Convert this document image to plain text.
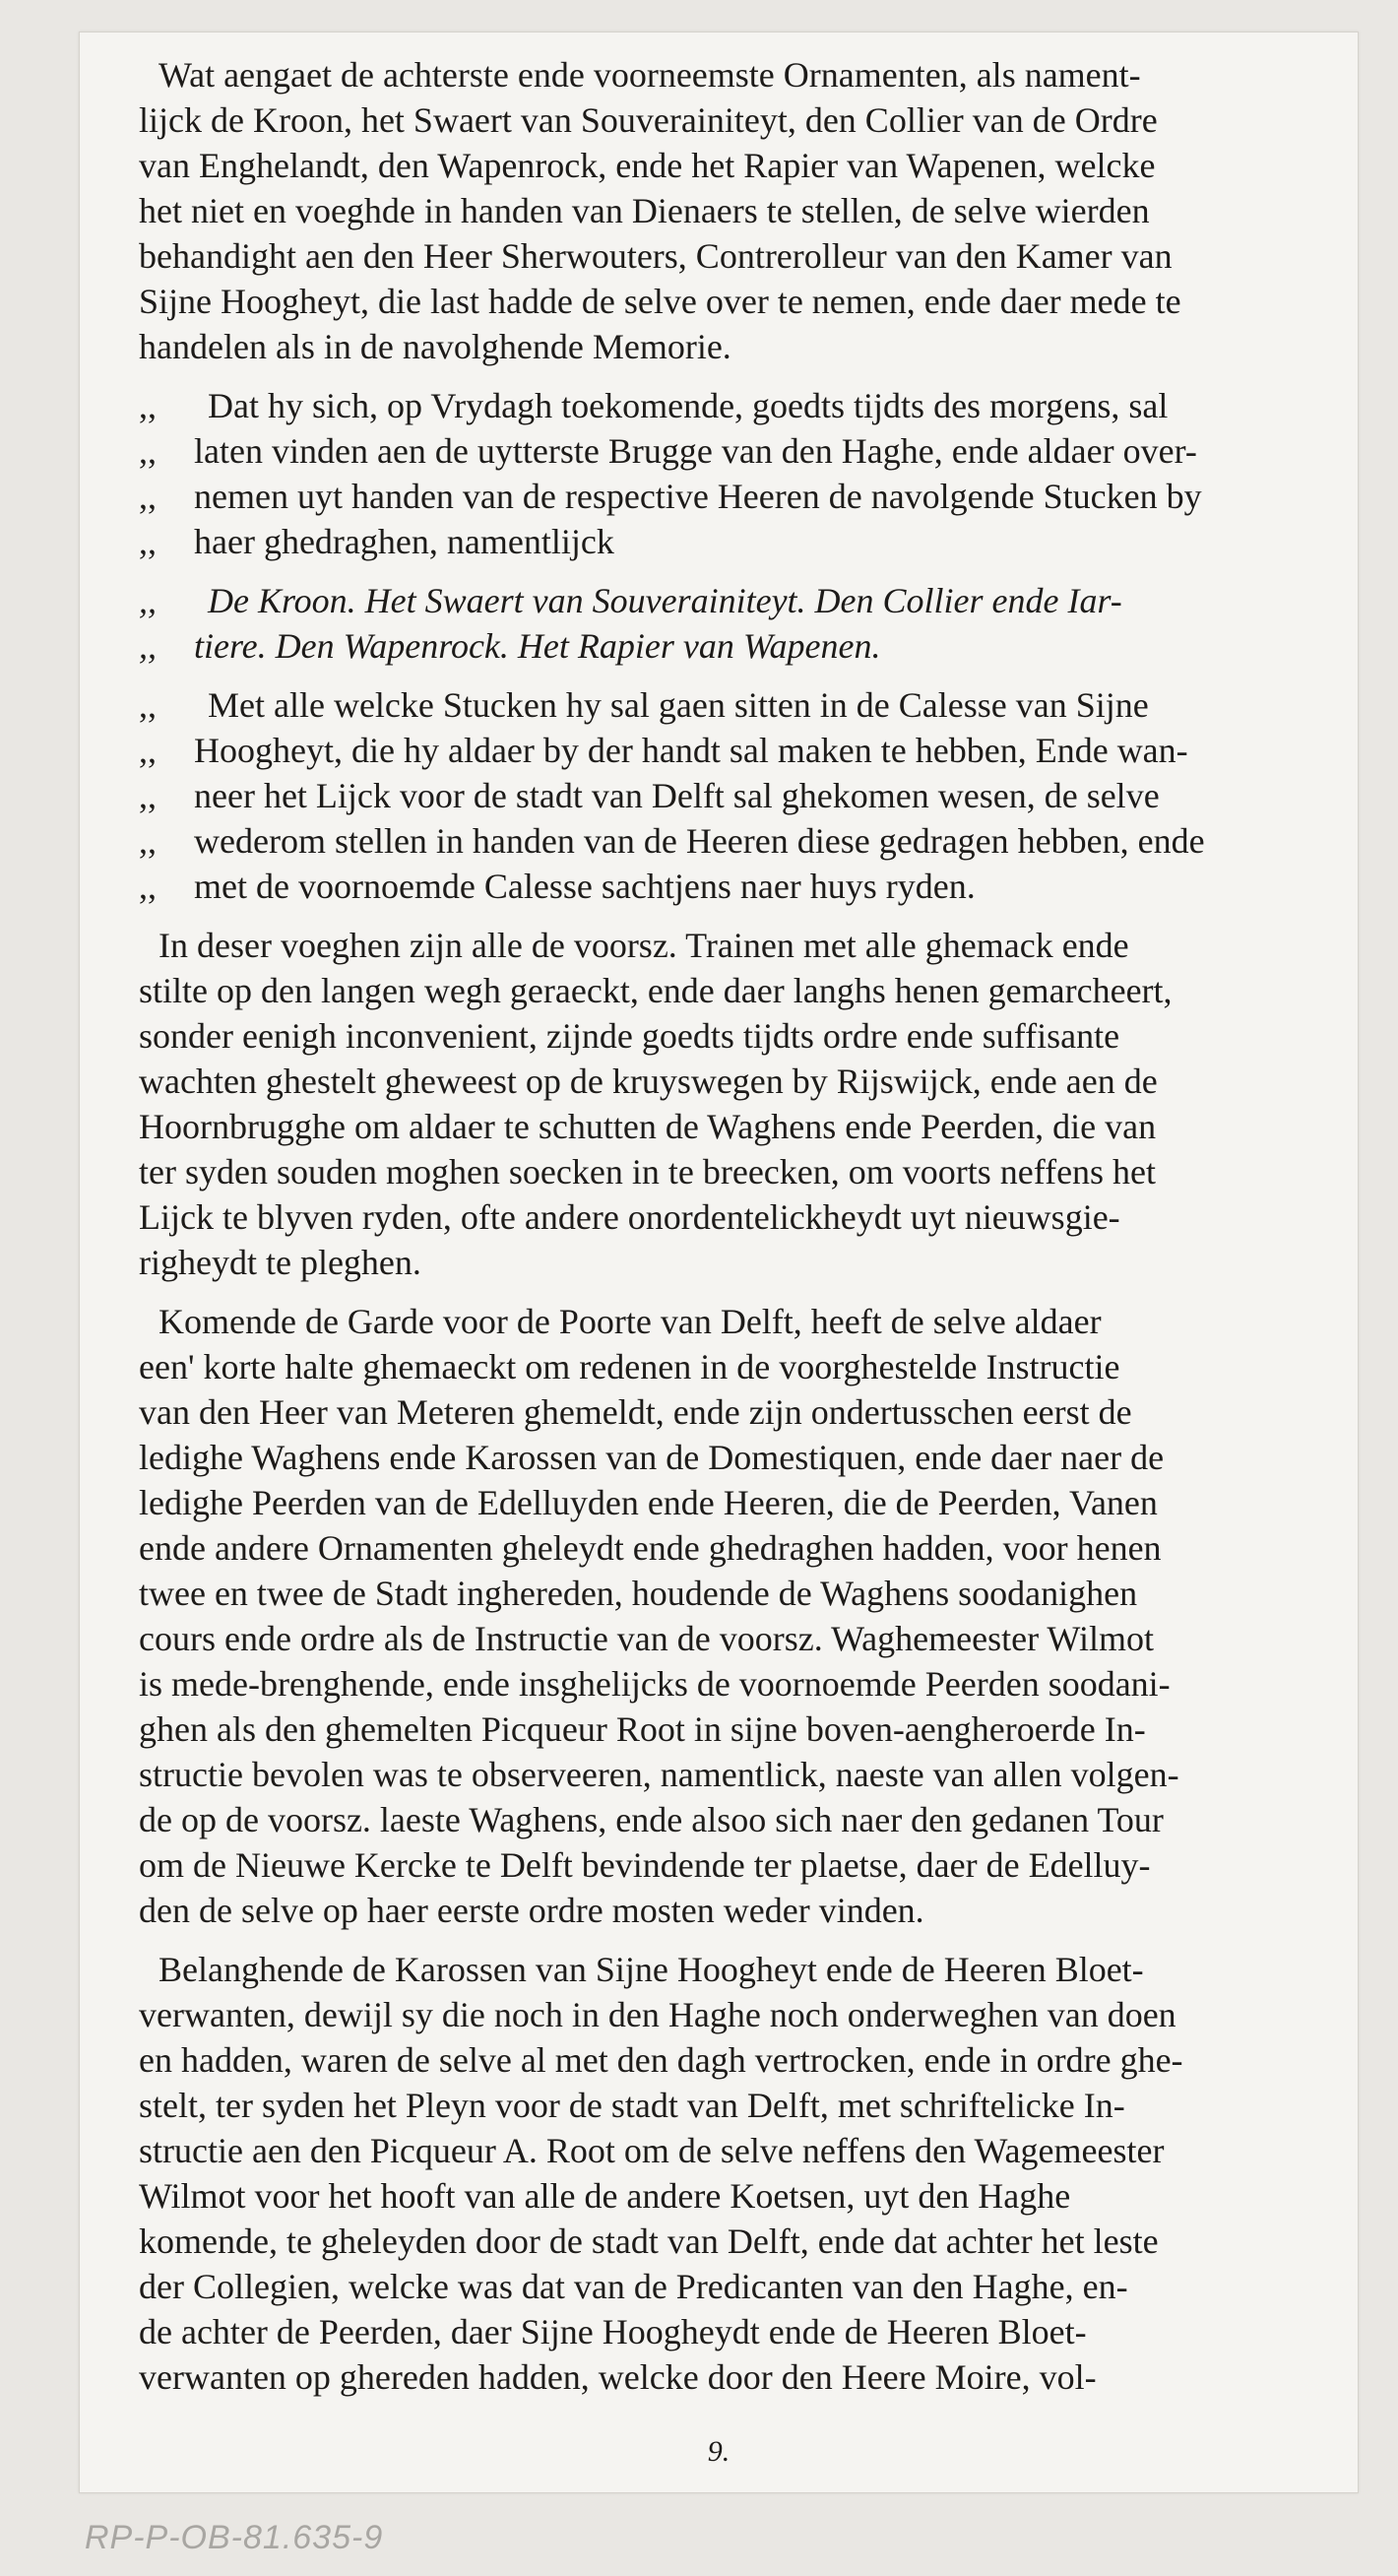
Wat aengaet de achterste ende voorneemste Ornamenten, als nament-
lijck de Kroon, het Swaert van Souverainiteyt, den Collier van de Ordre
van Enghelandt, den Wapenrock, ende het Rapier van Wapenen, welcke
het niet en voeghde in handen van Dienaers te stellen, de selve wierden
behandight aen den Heer Sherwouters, Contrerolleur van den Kamer van
Sijne Hoogheyt, die last hadde de selve over te nemen, ende daer mede te
handelen als in de navolghende Memorie.
,, Dat hy sich, op Vrydagh toekomende, goedts tijdts des morgens, sal
,, laten vinden aen de uytterste Brugge van den Haghe, ende aldaer over-
,, nemen uyt handen van de respective Heeren de navolgende Stucken by
,, haer ghedraghen, namentlijck
,, De Kroon. Het Swaert van Souverainiteyt. Den Collier ende Iar-
,, tiere. Den Wapenrock. Het Rapier van Wapenen.
,, Met alle welcke Stucken hy sal gaen sitten in de Calesse van Sijne
,, Hoogheyt, die hy aldaer by der handt sal maken te hebben, Ende wan-
,, neer het Lijck voor de stadt van Delft sal ghekomen wesen, de selve
,, wederom stellen in handen van de Heeren diese gedragen hebben, ende
,, met de voornoemde Calesse sachtjens naer huys ryden.
In deser voeghen zijn alle de voorsz. Trainen met alle ghemack ende
stilte op den langen wegh geraeckt, ende daer langhs henen gemarcheert,
sonder eenigh inconvenient, zijnde goedts tijdts ordre ende suffisante
wachten ghestelt gheweest op de kruyswegen by Rijswijck, ende aen de
Hoornbrugghe om aldaer te schutten de Waghens ende Peerden, die van
ter syden souden moghen soecken in te breecken, om voorts neffens het
Lijck te blyven ryden, ofte andere onordentelickheydt uyt nieuwsgie-
righeydt te pleghen.
Komende de Garde voor de Poorte van Delft, heeft de selve aldaer
een' korte halte ghemaeckt om redenen in de voorghestelde Instructie
van den Heer van Meteren ghemeldt, ende zijn ondertusschen eerst de
ledighe Waghens ende Karossen van de Domestiquen, ende daer naer de
ledighe Peerden van de Edelluyden ende Heeren, die de Peerden, Vanen
ende andere Ornamenten gheleydt ende ghedraghen hadden, voor henen
twee en twee de Stadt inghereden, houdende de Waghens soodanighen
cours ende ordre als de Instructie van de voorsz. Waghemeester Wilmot
is mede-brenghende, ende insghelijcks de voornoemde Peerden soodani-
ghen als den ghemelten Picqueur Root in sijne boven-aengheroerde In-
structie bevolen was te observeeren, namentlick, naeste van allen volgen-
de op de voorsz. laeste Waghens, ende alsoo sich naer den gedanen Tour
om de Nieuwe Kercke te Delft bevindende ter plaetse, daer de Edelluy-
den de selve op haer eerste ordre mosten weder vinden.
Belanghende de Karossen van Sijne Hoogheyt ende de Heeren Bloet-
verwanten, dewijl sy die noch in den Haghe noch onderweghen van doen
en hadden, waren de selve al met den dagh vertrocken, ende in ordre ghe-
stelt, ter syden het Pleyn voor de stadt van Delft, met schriftelicke In-
structie aen den Picqueur A. Root om de selve neffens den Wagemeester
Wilmot voor het hooft van alle de andere Koetsen, uyt den Haghe
komende, te gheleyden door de stadt van Delft, ende dat achter het leste
der Collegien, welcke was dat van de Predicanten van den Haghe, en-
de achter de Peerden, daer Sijne Hoogheydt ende de Heeren Bloet-
verwanten op ghereden hadden, welcke door den Heere Moire, vol-
9.
RP-P-OB-81.635-9
